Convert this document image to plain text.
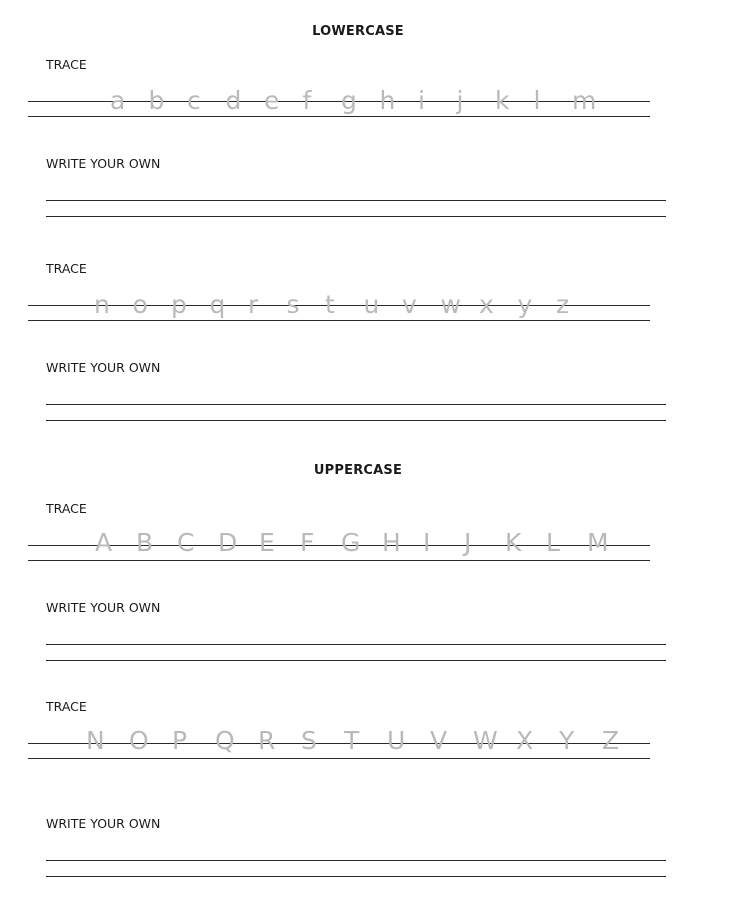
LOWERCASE
TRACE
a b c d e f g h i j k l m
WRITE YOUR OWN
TRACE
n o p q r s t u v w x y z
WRITE YOUR OWN
UPPERCASE
TRACE
A B C D E F G H I J K L M
WRITE YOUR OWN
TRACE
N O P Q R S T U V W X Y Z
WRITE YOUR OWN
